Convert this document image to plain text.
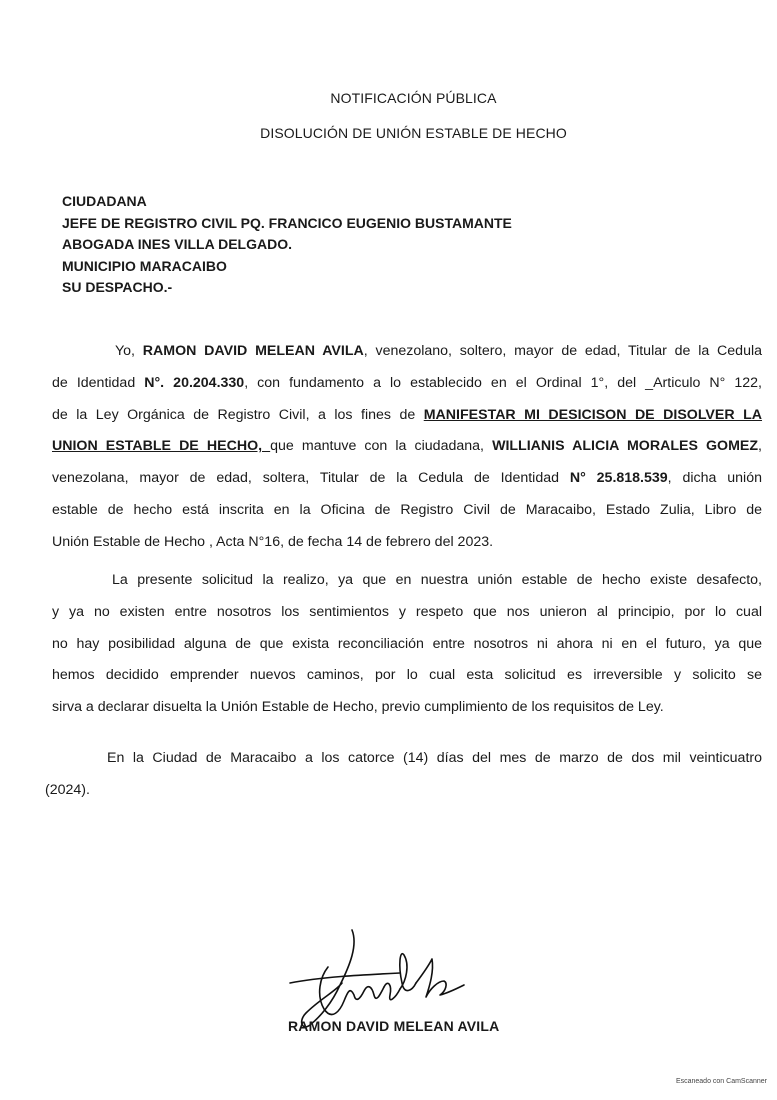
NOTIFICACIÓN PÚBLICA
DISOLUCIÓN DE UNIÓN ESTABLE DE HECHO
CIUDADANA
JEFE DE REGISTRO CIVIL PQ. FRANCICO EUGENIO BUSTAMANTE
ABOGADA INES VILLA DELGADO.
MUNICIPIO MARACAIBO
SU DESPACHO.-
Yo, RAMON DAVID MELEAN AVILA, venezolano, soltero, mayor de edad, Titular de la Cedula
de Identidad N°. 20.204.330, con fundamento a lo establecido en el Ordinal 1°, del _Articulo N° 122,
de la Ley Orgánica de Registro Civil, a los fines de MANIFESTAR MI DESICISON DE DISOLVER LA
UNION ESTABLE DE HECHO, que mantuve con la ciudadana, WILLIANIS ALICIA MORALES GOMEZ,
venezolana, mayor de edad, soltera, Titular de la Cedula de Identidad N° 25.818.539, dicha unión
estable de hecho está inscrita en la Oficina de Registro Civil de Maracaibo, Estado Zulia, Libro de
Unión Estable de Hecho , Acta N°16, de fecha 14 de febrero del 2023.
La presente solicitud la realizo, ya que en nuestra unión estable de hecho existe desafecto,
y ya no existen entre nosotros los sentimientos y respeto que nos unieron al principio, por lo cual
no hay posibilidad alguna de que exista reconciliación entre nosotros ni ahora ni en el futuro, ya que
hemos decidido emprender nuevos caminos, por lo cual esta solicitud es irreversible y solicito se
sirva a declarar disuelta la Unión Estable de Hecho, previo cumplimiento de los requisitos de Ley.
En la Ciudad de Maracaibo a los catorce (14) días del mes de marzo de dos mil veinticuatro
(2024).
RAMON DAVID MELEAN AVILA
Escaneado con CamScanner
